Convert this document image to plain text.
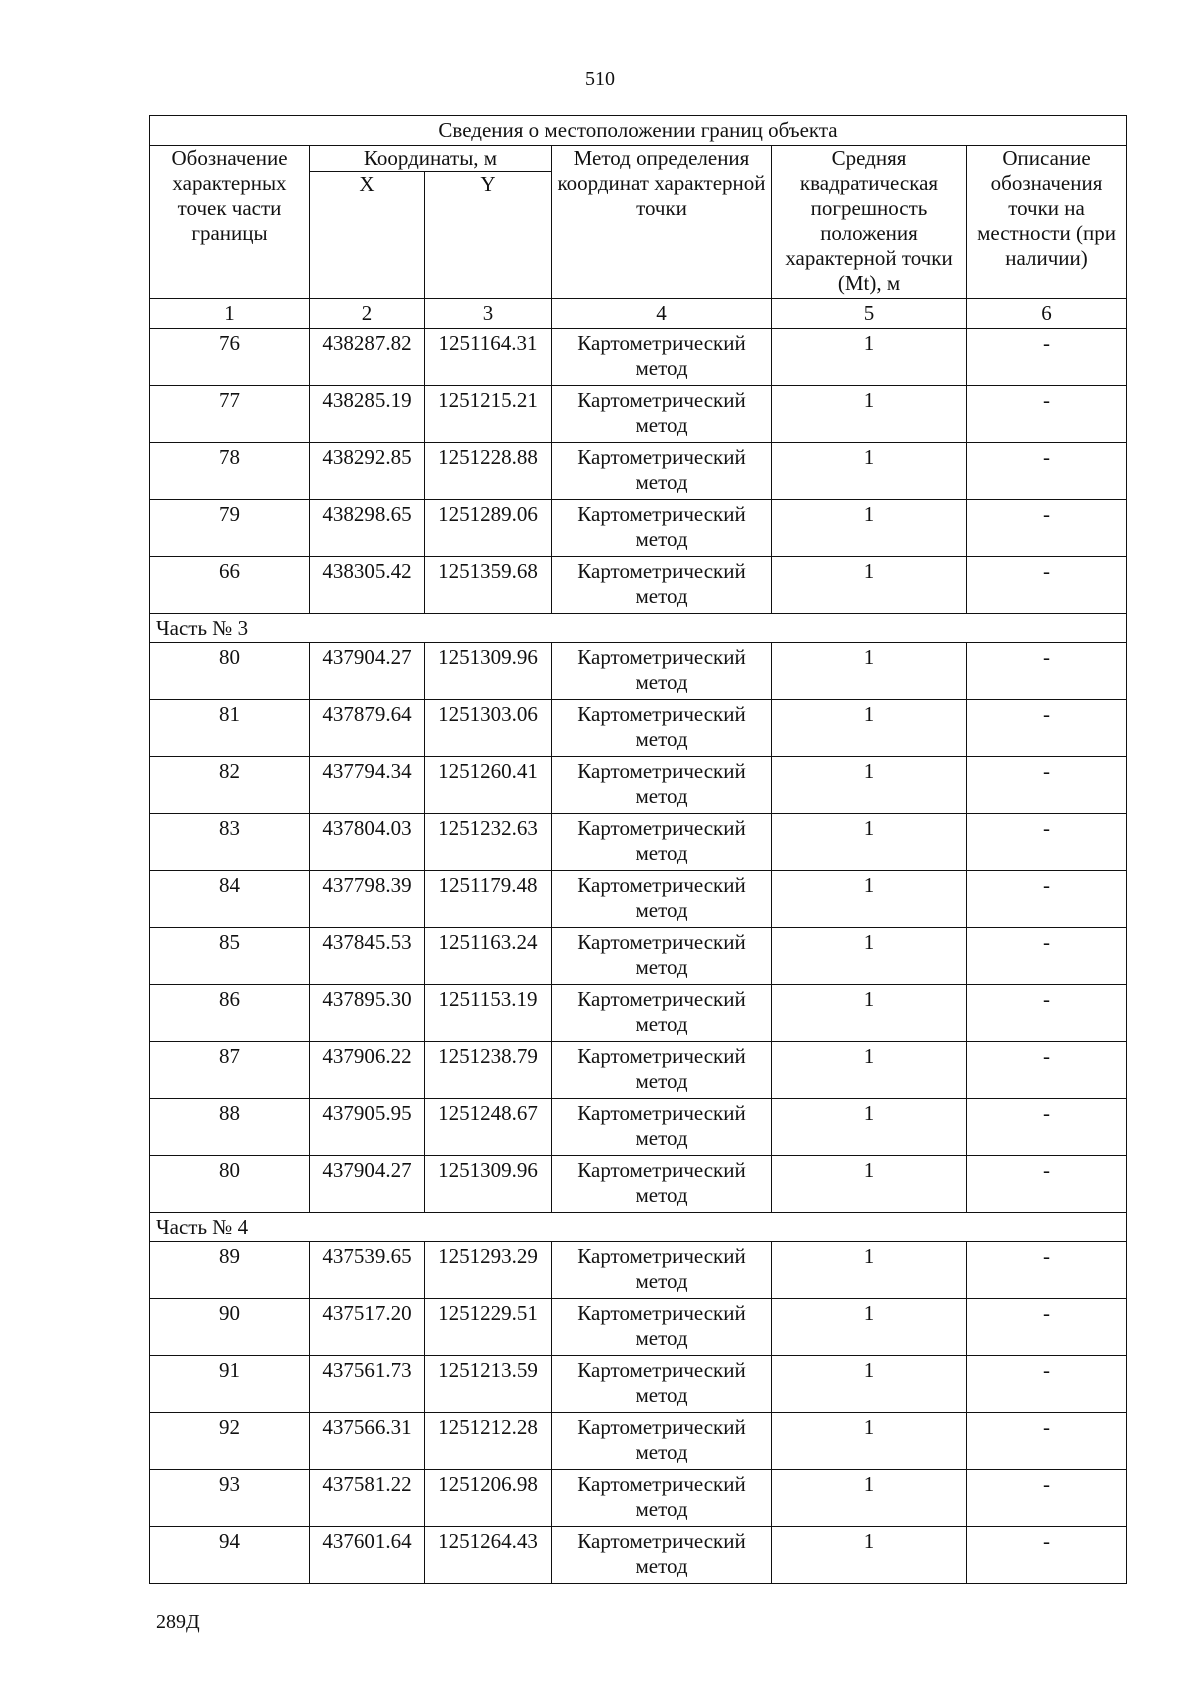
510
Сведения о местоположении границ объекта					
Обозначение характерных точек части границы	Координаты, м		Метод определения координат характерной точки	Средняя квадратическая погрешность положения характерной точки (Mt), м	Описание обозначения точки на местности (при наличии)
	X	Y			
1	2	3	4	5	6
76	438287.82	1251164.31	Картометрический метод	1	-
77	438285.19	1251215.21	Картометрический метод	1	-
78	438292.85	1251228.88	Картометрический метод	1	-
79	438298.65	1251289.06	Картометрический метод	1	-
66	438305.42	1251359.68	Картометрический метод	1	-
Часть № 3					
80	437904.27	1251309.96	Картометрический метод	1	-
81	437879.64	1251303.06	Картометрический метод	1	-
82	437794.34	1251260.41	Картометрический метод	1	-
83	437804.03	1251232.63	Картометрический метод	1	-
84	437798.39	1251179.48	Картометрический метод	1	-
85	437845.53	1251163.24	Картометрический метод	1	-
86	437895.30	1251153.19	Картометрический метод	1	-
87	437906.22	1251238.79	Картометрический метод	1	-
88	437905.95	1251248.67	Картометрический метод	1	-
80	437904.27	1251309.96	Картометрический метод	1	-
Часть № 4					
89	437539.65	1251293.29	Картометрический метод	1	-
90	437517.20	1251229.51	Картометрический метод	1	-
91	437561.73	1251213.59	Картометрический метод	1	-
92	437566.31	1251212.28	Картометрический метод	1	-
93	437581.22	1251206.98	Картометрический метод	1	-
94	437601.64	1251264.43	Картометрический метод	1	-
289Д
